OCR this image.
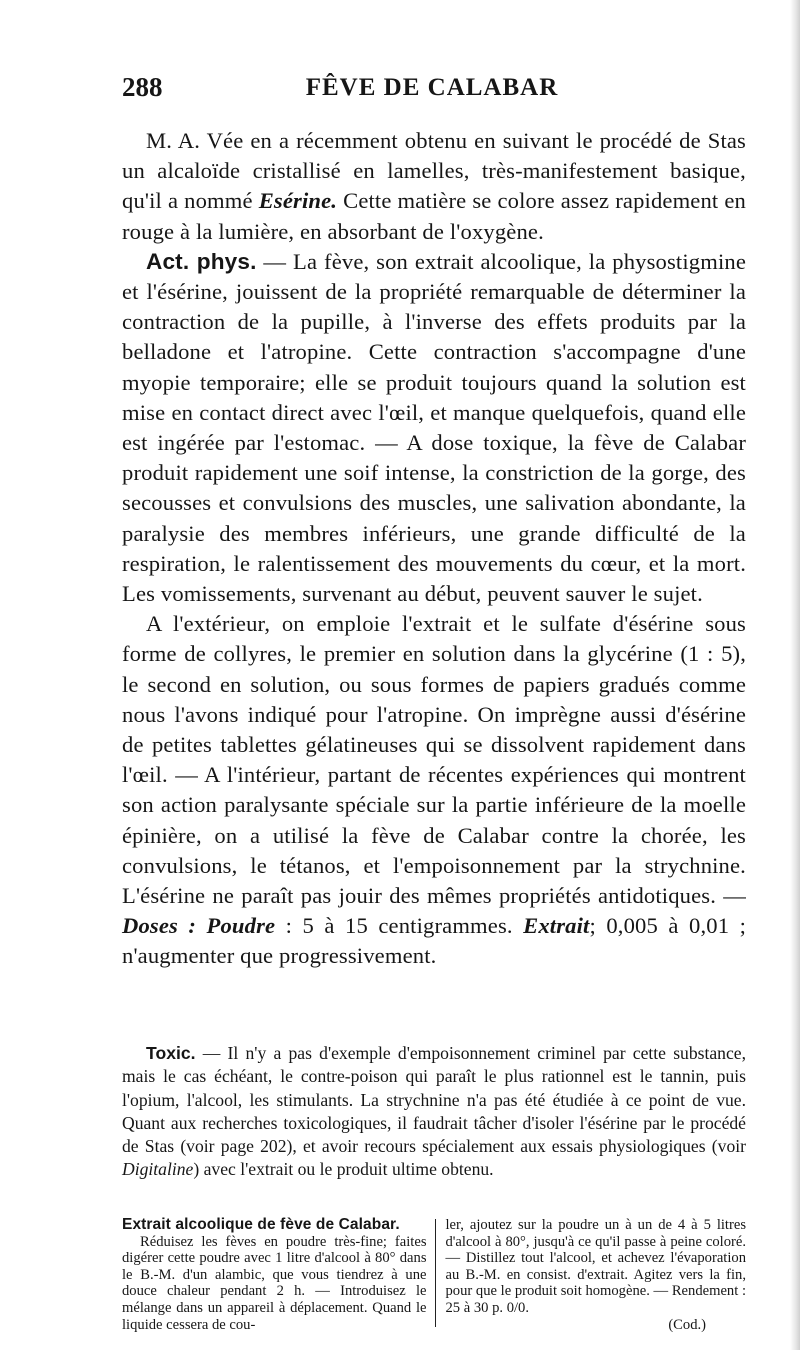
288	FÊVE DE CALABAR

M. A. Vée en a récemment obtenu en suivant le procédé de Stas un alcaloïde cristallisé en lamelles, très-manifestement basique, qu'il a nommé Esérine. Cette matière se colore assez rapidement en rouge à la lumière, en absorbant de l'oxygène.

Act. phys. — La fève, son extrait alcoolique, la physostigmine et l'ésérine, jouissent de la propriété remarquable de déterminer la contraction de la pupille, à l'inverse des effets produits par la belladone et l'atropine. Cette contraction s'accompagne d'une myopie temporaire; elle se produit toujours quand la solution est mise en contact direct avec l'œil, et manque quelquefois, quand elle est ingérée par l'estomac. — A dose toxique, la fève de Calabar produit rapidement une soif intense, la constriction de la gorge, des secousses et convulsions des muscles, une salivation abondante, la paralysie des membres inférieurs, une grande difficulté de la respiration, le ralentissement des mouvements du cœur, et la mort. Les vomissements, survenant au début, peuvent sauver le sujet.

A l'extérieur, on emploie l'extrait et le sulfate d'ésérine sous forme de collyres, le premier en solution dans la glycérine (1 : 5), le second en solution, ou sous formes de papiers gradués comme nous l'avons indiqué pour l'atropine. On imprègne aussi d'ésérine de petites tablettes gélatineuses qui se dissolvent rapidement dans l'œil. — A l'intérieur, partant de récentes expériences qui montrent son action paralysante spéciale sur la partie inférieure de la moelle épinière, on a utilisé la fève de Calabar contre la chorée, les convulsions, le tétanos, et l'empoisonnement par la strychnine. L'ésérine ne paraît pas jouir des mêmes propriétés antidotiques. — Doses : Poudre : 5 à 15 centigrammes. Extrait; 0,005 à 0,01 ; n'augmenter que progressivement.

Toxic. — Il n'y a pas d'exemple d'empoisonnement criminel par cette substance, mais le cas échéant, le contre-poison qui paraît le plus rationnel est le tannin, puis l'opium, l'alcool, les stimulants. La strychnine n'a pas été étudiée à ce point de vue. Quant aux recherches toxicologiques, il faudrait tâcher d'isoler l'ésérine par le procédé de Stas (voir page 202), et avoir recours spécialement aux essais physiologiques (voir Digitaline) avec l'extrait ou le produit ultime obtenu.

Extrait alcoolique de fève de Calabar.
Réduisez les fèves en poudre très-fine; faites digérer cette poudre avec 1 litre d'alcool à 80° dans le B.-M. d'un alambic, que vous tiendrez à une douce chaleur pendant 2 h. — Introduisez le mélange dans un appareil à déplacement. Quand le liquide cessera de cou-
ler, ajoutez sur la poudre un à un de 4 à 5 litres d'alcool à 80°, jusqu'à ce qu'il passe à peine coloré. — Distillez tout l'alcool, et achevez l'évaporation au B.-M. en consist. d'extrait. Agitez vers la fin, pour que le produit soit homogène. — Rendement : 25 à 30 p. 0/0.
(Cod.)
